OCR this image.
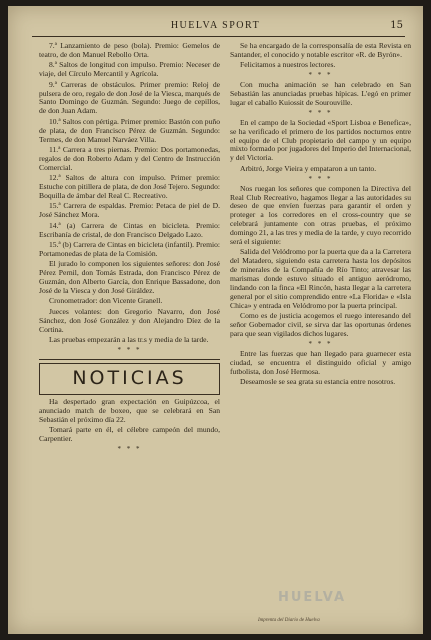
HUELVA SPORT	15

7.ª Lanzamiento de peso (bola). Premio: Gemelos de teatro, de don Manuel Rebollo Orta.

8.ª Saltos de longitud con impulso. Premio: Neceser de viaje, del Círculo Mercantil y Agrícola.

9.ª Carreras de obstáculos. Primer premio: Reloj de pulsera de oro, regalo de don José de la Viesca, marqués de Santo Domingo de Guzmán. Segundo: Juego de cepillos, de don Juan Adam.

10.ª Saltos con pértiga. Primer premio: Bastón con puño de plata, de don Francisco Pérez de Guzmán. Segundo: Termes, de don Manuel Narváez Villa.

11.ª Carrera a tres piernas. Premio: Dos portamonedas, regalos de don Roberto Adam y del Centro de Instrucción Comercial.

12.ª Saltos de altura con impulso. Primer premio: Estuche con pitillera de plata, de don José Tejero. Segundo: Boquilla de ámbar del Real C. Recreativo.

15.ª Carrera de espaldas. Premio: Petaca de piel de D. José Sánchez Mora.

14.ª (a) Carrera de Cintas en bicicleta. Premio: Escribanía de cristal, de don Francisco Delgado Lazo.

15.ª (b) Carrera de Cintas en bicicleta (infantil). Premio: Portamonedas de plata de la Comisión.

El jurado lo componen los siguientes señores: don José Pérez Pernil, don Tomás Estrada, don Francisco Pérez de Guzmán, don Alberto García, don Enrique Bassadone, don José de la Viesca y don José Giráldez.

Cronometrador: don Vicente Granell.

Jueces volantes: don Gregorio Navarro, don José Sánchez, don José González y don Alejandro Díez de la Cortina.

Las pruebas empezarán a las tr.s y media de la tarde.

* * *
NOTICIAS

Ha despertado gran expectación en Guipúzcoa, el anunciado match de boxeo, que se celebrará en San Sebastián el próximo día 22.

Tomará parte en él, el célebre campeón del mundo, Carpentier.

* * *

Se ha encargado de la corresponsalía de esta Revista en Santander, el conocido y notable escritor «R. de Byrón».

Felicitamos a nuestros lectores.

* * *

Con mucha animación se han celebrado en San Sebastián las anunciadas pruebas hípicas. L'egó en primer lugar el caballo Kuiossit de Sourouville.

* * *

En el campo de la Sociedad «Sport Lisboa e Benefica», se ha verificado el primero de los partidos nocturnos entre el equipo de el Club propietario del campo y un equipo mixto formado por jugadores del Imperio del Internacional, y del Victoria.

Arbitró, Jorge Vieira y empataron a un tanto.

* * *

Nos ruegan los señores que componen la Directiva del Real Club Recreativo, hagamos llegar a las autoridades su deseo de que envíen fuerzas para garantir el orden y proteger a los corredores en el cross-country que se celebrará juntamente con otras pruebas, el próximo domingo 21, a las tres y media de la tarde, y cuyo recorrido será el siguiente:

Salida del Velódromo por la puerta que da a la Carretera del Matadero, siguiendo esta carretera hasta los depósitos de minerales de la Compañía de Río Tinto; atravesar las marismas donde estuvo situado el antiguo aeródromo, lindando con la finca «El Rincón, hasta llegar a la carretera general por el sitio comprendido entre «La Florida» e «Isla Chica» y entrada en Velódromo por la puerta principal.

Como es de justicia acogemos el ruego interesando del señor Gobernador civil, se sirva dar las oportunas órdenes para que sean vigilados dichos lugares.

* * *

Entre las fuerzas que han llegado para guarnecer esta ciudad, se encuentra el distinguido oficial y amigo futbolista, don José Hermosa.

Deseamosle se sea grata su estancia entre nosotros.

Imprenta del Diario de Huelva
HUELVA
